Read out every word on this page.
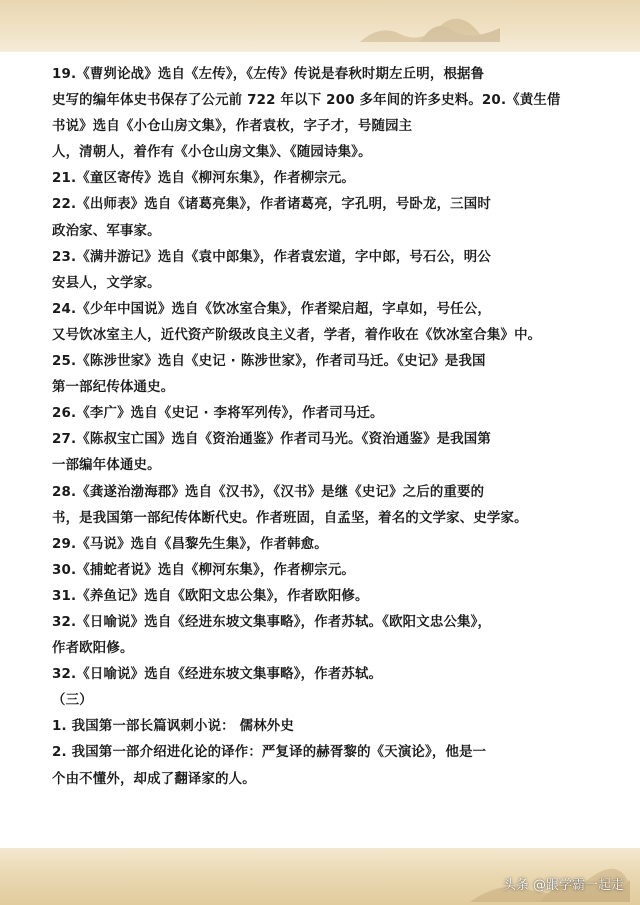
19.《曹刿论战》选自《左传》，《左传》传说是春秋时期左丘明，根据鲁
史写的编年体史书保存了公元前 722 年以下 200 多年间的许多史料。20.《黄生借
书说》选自《小仓山房文集》，作者袁枚，字子才，号随园主
人，清朝人，着作有《小仓山房文集》、《随园诗集》。
21.《童区寄传》选自《柳河东集》，作者柳宗元。
22.《出师表》选自《诸葛亮集》，作者诸葛亮，字孔明，号卧龙，三国时
政治家、军事家。
23.《满井游记》选自《袁中郎集》，作者袁宏道，字中郎，号石公，明公
安县人，文学家。
24.《少年中国说》选自《饮冰室合集》，作者梁启超，字卓如，号任公，
又号饮冰室主人，近代资产阶级改良主义者，学者，着作收在《饮冰室合集》中。
25.《陈涉世家》选自《史记 · 陈涉世家》，作者司马迁。《史记》是我国
第一部纪传体通史。
26.《李广》选自《史记 · 李将军列传》，作者司马迁。
27.《陈叔宝亡国》选自《资治通鉴》作者司马光。《资治通鉴》是我国第
一部编年体通史。
28.《龚遂治渤海郡》选自《汉书》，《汉书》是继《史记》之后的重要的
书，是我国第一部纪传体断代史。作者班固，自孟坚，着名的文学家、史学家。
29.《马说》选自《昌黎先生集》，作者韩愈。
30.《捕蛇者说》选自《柳河东集》，作者柳宗元。
31.《养鱼记》选自《欧阳文忠公集》，作者欧阳修。
32.《日喻说》选自《经进东坡文集事略》，作者苏轼。《欧阳文忠公集》，
作者欧阳修。
32.《日喻说》选自《经进东坡文集事略》，作者苏轼。
（三）
1. 我国第一部长篇讽刺小说： 儒林外史
2. 我国第一部介绍进化论的译作：严复译的赫胥黎的《天演论》，他是一
个由不懂外，却成了翻译家的人。
头条 @跟学霸一起走
